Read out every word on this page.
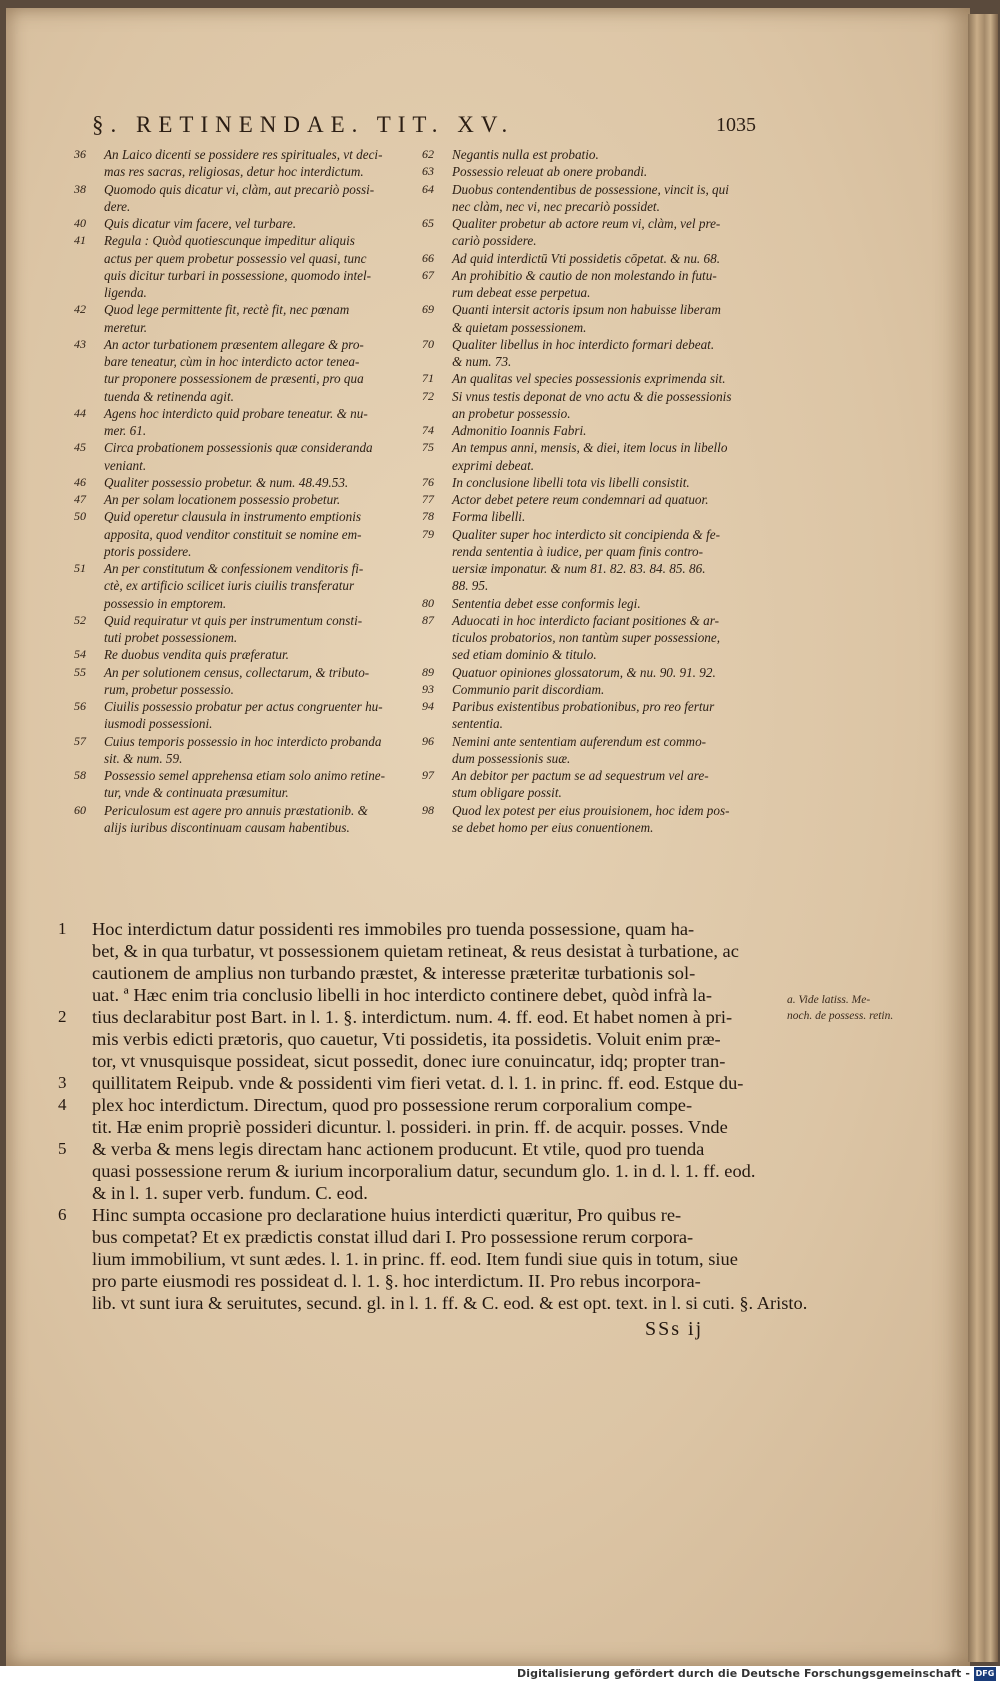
§. RETINENDAE. TIT. XV.	1035
36	An Laico dicenti se possidere res spirituales, vt deci-
mas res sacras, religiosas, detur hoc interdictum.
38	Quomodo quis dicatur vi, clàm, aut precariò possi-
dere.
40	Quis dicatur vim facere, vel turbare.
41	Regula : Quòd quotiescunque impeditur aliquis
actus per quem probetur possessio vel quasi, tunc
quis dicitur turbari in possessione, quomodo intel-
ligenda.
42	Quod lege permittente fit, rectè fit, nec pœnam
meretur.
43	An actor turbationem præsentem allegare & pro-
bare teneatur, cùm in hoc interdicto actor tenea-
tur proponere possessionem de præsenti, pro qua
tuenda & retinenda agit.
44	Agens hoc interdicto quid probare teneatur. & nu-
mer. 61.
45	Circa probationem possessionis quæ consideranda
veniant.
46	Qualiter possessio probetur. & num. 48.49.53.
47	An per solam locationem possessio probetur.
50	Quid operetur clausula in instrumento emptionis
apposita, quod venditor constituit se nomine em-
ptoris possidere.
51	An per constitutum & confessionem venditoris fi-
ctè, ex artificio scilicet iuris ciuilis transferatur
possessio in emptorem.
52	Quid requiratur vt quis per instrumentum consti-
tuti probet possessionem.
54	Re duobus vendita quis præferatur.
55	An per solutionem census, collectarum, & tributo-
rum, probetur possessio.
56	Ciuilis possessio probatur per actus congruenter hu-
iusmodi possessioni.
57	Cuius temporis possessio in hoc interdicto probanda
sit. & num. 59.
58	Possessio semel apprehensa etiam solo animo retine-
tur, vnde & continuata præsumitur.
60	Periculosum est agere pro annuis præstationib. &
alijs iuribus discontinuam causam habentibus.
62	Negantis nulla est probatio.
63	Possessio releuat ab onere probandi.
64	Duobus contendentibus de possessione, vincit is, qui
nec clàm, nec vi, nec precariò possidet.
65	Qualiter probetur ab actore reum vi, clàm, vel pre-
cariò possidere.
66	Ad quid interdictū Vti possidetis cōpetat. & nu. 68.
67	An prohibitio & cautio de non molestando in futu-
rum debeat esse perpetua.
69	Quanti intersit actoris ipsum non habuisse liberam
& quietam possessionem.
70	Qualiter libellus in hoc interdicto formari debeat.
& num. 73.
71	An qualitas vel species possessionis exprimenda sit.
72	Si vnus testis deponat de vno actu & die possessionis
an probetur possessio.
74	Admonitio Ioannis Fabri.
75	An tempus anni, mensis, & diei, item locus in libello
exprimi debeat.
76	In conclusione libelli tota vis libelli consistit.
77	Actor debet petere reum condemnari ad quatuor.
78	Forma libelli.
79	Qualiter super hoc interdicto sit concipienda & fe-
renda sententia à iudice, per quam finis contro-
uersiæ imponatur. & num 81. 82. 83. 84. 85. 86.
88. 95.
80	Sententia debet esse conformis legi.
87	Aduocati in hoc interdicto faciant positiones & ar-
ticulos probatorios, non tantùm super possessione,
sed etiam dominio & titulo.
89	Quatuor opiniones glossatorum, & nu. 90. 91. 92.
93	Communio parit discordiam.
94	Paribus existentibus probationibus, pro reo fertur
sententia.
96	Nemini ante sententiam auferendum est commo-
dum possessionis suæ.
97	An debitor per pactum se ad sequestrum vel are-
stum obligare possit.
98	Quod lex potest per eius prouisionem, hoc idem pos-
se debet homo per eius conuentionem.
1 Hoc interdictum datur possidenti res immobiles pro tuenda possessione, quam ha-
bet, & in qua turbatur, vt possessionem quietam retineat, & reus desistat à turbatione, ac
cautionem de amplius non turbando præstet, & interesse præteritæ turbationis sol-
uat. ª Hæc enim tria conclusio libelli in hoc interdicto continere debet, quòd infrà la-
2 tius declarabitur post Bart. in l. 1. §. interdictum. num. 4. ff. eod. Et habet nomen à pri-
mis verbis edicti prætoris, quo cauetur, Vti possidetis, ita possidetis. Voluit enim præ-
tor, vt vnusquisque possideat, sicut possedit, donec iure conuincatur, idq; propter tran-
3 quillitatem Reipub. vnde & possidenti vim fieri vetat. d. l. 1. in princ. ff. eod. Estque du-
4 plex hoc interdictum. Directum, quod pro possessione rerum corporalium compe-
tit. Hæ enim propriè possideri dicuntur. l. possideri. in prin. ff. de acquir. posses. Vnde
5 & verba & mens legis directam hanc actionem producunt. Et vtile, quod pro tuenda
quasi possessione rerum & iurium incorporalium datur, secundum glo. 1. in d. l. 1. ff. eod.
& in l. 1. super verb. fundum. C. eod.
6 Hinc sumpta occasione pro declaratione huius interdicti quæritur, Pro quibus re-
bus competat? Et ex prædictis constat illud dari I. Pro possessione rerum corpora-
lium immobilium, vt sunt ædes. l. 1. in princ. ff. eod. Item fundi siue quis in totum, siue
pro parte eiusmodi res possideat d. l. 1. §. hoc interdictum. II. Pro rebus incorpora-
lib. vt sunt iura & seruitutes, secund. gl. in l. 1. ff. & C. eod. & est opt. text. in l. si cuti. §. Aristo.
a. Vide latiss. Me-
noch. de possess. retin.
SSs ij
Digitalisierung gefördert durch die Deutsche Forschungsgemeinschaft - DFG
